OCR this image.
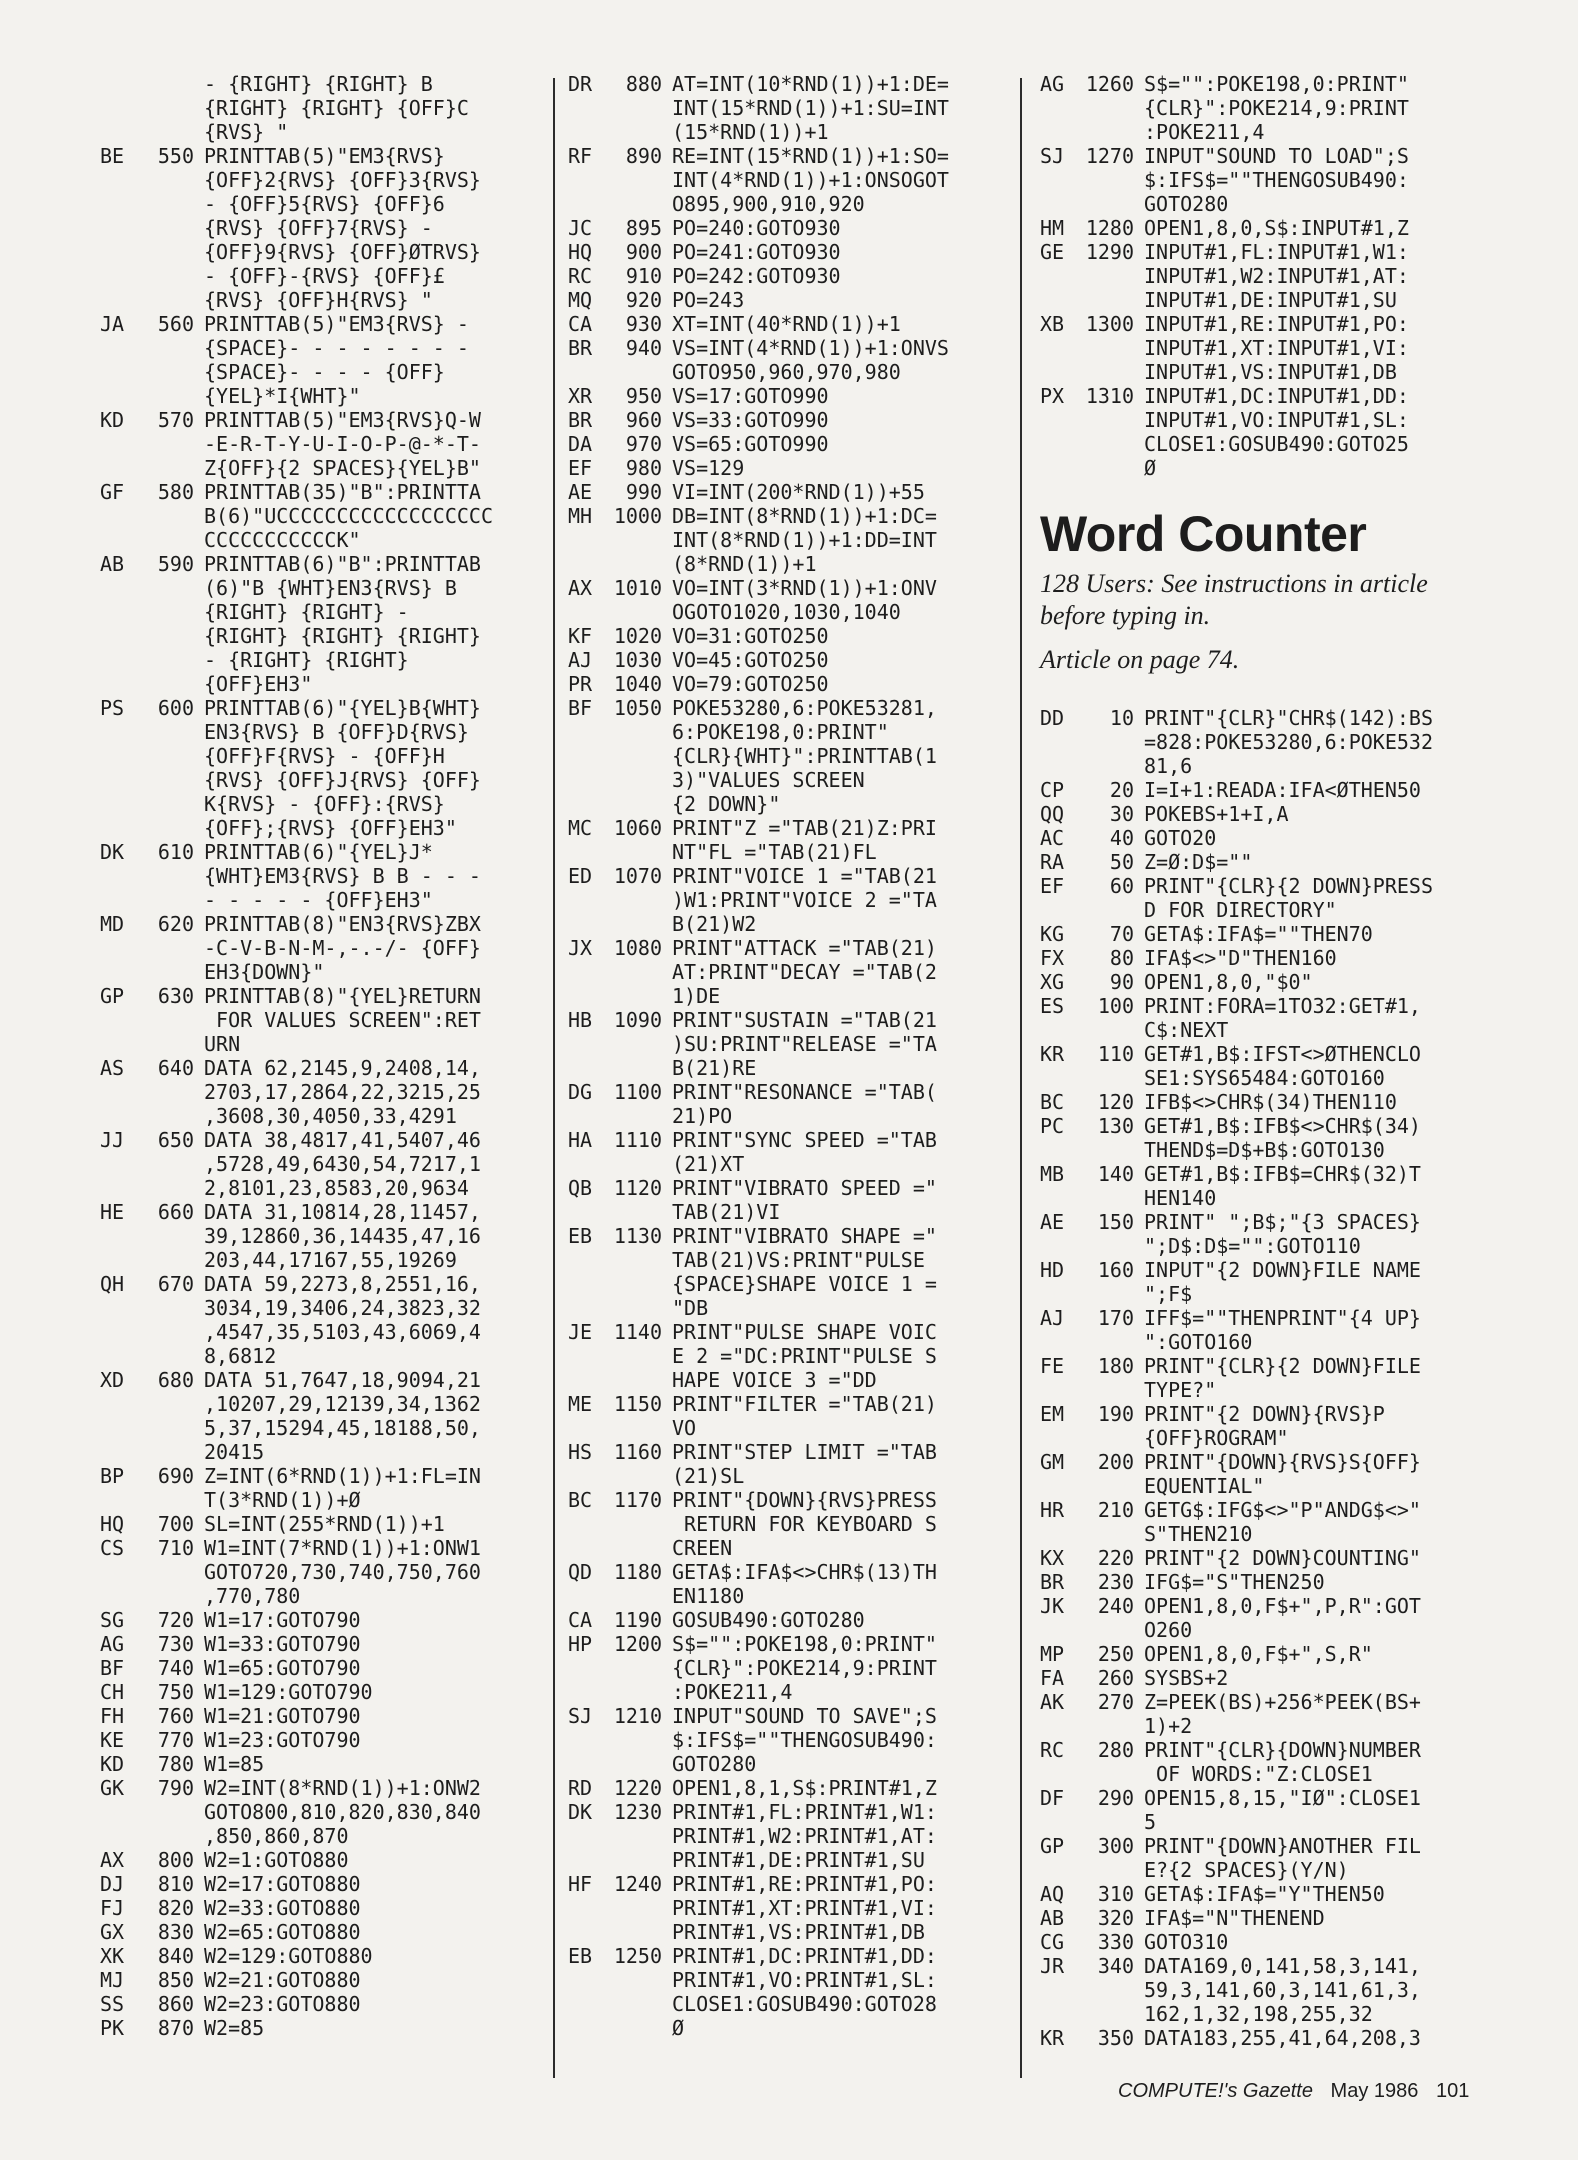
- {RIGHT} {RIGHT} B
{RIGHT} {RIGHT} {OFF}C
{RVS} "
BE	550 PRINTTAB(5)"EM3{RVS}
{OFF}2{RVS} {OFF}3{RVS}
- {OFF}5{RVS} {OFF}6
{RVS} {OFF}7{RVS} -
{OFF}9{RVS} {OFF}ØTRVS}
- {OFF}-{RVS} {OFF}£
{RVS} {OFF}H{RVS} "
JA	560 PRINTTAB(5)"EM3{RVS} -
{SPACE}- - - - - - - -
{SPACE}- - - - {OFF}
{YEL}*I{WHT}"
KD	570 PRINTTAB(5)"EM3{RVS}Q-W
-E-R-T-Y-U-I-O-P-@-*-T-
Z{OFF}{2 SPACES}{YEL}B"
GF	580 PRINTTAB(35)"B":PRINTTA
B(6)"UCCCCCCCCCCCCCCCCCC
CCCCCCCCCCCK"
AB	590 PRINTTAB(6)"B":PRINTTAB
(6)"B {WHT}EN3{RVS} B
{RIGHT} {RIGHT} -
{RIGHT} {RIGHT} {RIGHT}
- {RIGHT} {RIGHT}
{OFF}EH3"
PS	600 PRINTTAB(6)"{YEL}B{WHT}
EN3{RVS} B {OFF}D{RVS}
{OFF}F{RVS} - {OFF}H
{RVS} {OFF}J{RVS} {OFF}
K{RVS} - {OFF}:{RVS}
{OFF};{RVS} {OFF}EH3"
DK	610 PRINTTAB(6)"{YEL}J*
{WHT}EM3{RVS} B B - - -
- - - - - {OFF}EH3"
MD	620 PRINTTAB(8)"EN3{RVS}ZBX
-C-V-B-N-M-,-.-/- {OFF}
EH3{DOWN}"
GP	630 PRINTTAB(8)"{YEL}RETURN
FOR VALUES SCREEN":RET
URN
AS	640 DATA 62,2145,9,2408,14,
2703,17,2864,22,3215,25
,3608,30,4050,33,4291
JJ	650 DATA 38,4817,41,5407,46
,5728,49,6430,54,7217,1
2,8101,23,8583,20,9634
HE	660 DATA 31,10814,28,11457,
39,12860,36,14435,47,16
203,44,17167,55,19269
QH	670 DATA 59,2273,8,2551,16,
3034,19,3406,24,3823,32
,4547,35,5103,43,6069,4
8,6812
XD	680 DATA 51,7647,18,9094,21
,10207,29,12139,34,1362
5,37,15294,45,18188,50,
20415
BP	690 Z=INT(6*RND(1))+1:FL=IN
T(3*RND(1))+Ø
HQ	700 SL=INT(255*RND(1))+1
CS	710 W1=INT(7*RND(1))+1:ONW1
GOTO720,730,740,750,760
,770,780
SG	720 W1=17:GOTO790
AG	730 W1=33:GOTO790
BF	740 W1=65:GOTO790
CH	750 W1=129:GOTO790
FH	760 W1=21:GOTO790
KE	770 W1=23:GOTO790
KD	780 W1=85
GK	790 W2=INT(8*RND(1))+1:ONW2
GOTO800,810,820,830,840
,850,860,870
AX	800 W2=1:GOTO880
DJ	810 W2=17:GOTO880
FJ	820 W2=33:GOTO880
GX	830 W2=65:GOTO880
XK	840 W2=129:GOTO880
MJ	850 W2=21:GOTO880
SS	860 W2=23:GOTO880
PK	870 W2=85
DR	880 AT=INT(10*RND(1))+1:DE=
INT(15*RND(1))+1:SU=INT
(15*RND(1))+1
RF	890 RE=INT(15*RND(1))+1:SO=
INT(4*RND(1))+1:ONSOGOT
O895,900,910,920
JC	895 PO=240:GOTO930
HQ	900 PO=241:GOTO930
RC	910 PO=242:GOTO930
MQ	920 PO=243
CA	930 XT=INT(40*RND(1))+1
BR	940 VS=INT(4*RND(1))+1:ONVS
GOTO950,960,970,980
XR	950 VS=17:GOTO990
BR	960 VS=33:GOTO990
DA	970 VS=65:GOTO990
EF	980 VS=129
AE	990 VI=INT(200*RND(1))+55
MH	1000 DB=INT(8*RND(1))+1:DC=
INT(8*RND(1))+1:DD=INT
(8*RND(1))+1
AX	1010 VO=INT(3*RND(1))+1:ONV
OGOTO1020,1030,1040
KF	1020 VO=31:GOTO250
AJ	1030 VO=45:GOTO250
PR	1040 VO=79:GOTO250
BF	1050 POKE53280,6:POKE53281,
6:POKE198,0:PRINT"
{CLR}{WHT}":PRINTTAB(1
3)"VALUES SCREEN
{2 DOWN}"
MC	1060 PRINT"Z ="TAB(21)Z:PRI
NT"FL ="TAB(21)FL
ED	1070 PRINT"VOICE 1 ="TAB(21
)W1:PRINT"VOICE 2 ="TA
B(21)W2
JX	1080 PRINT"ATTACK ="TAB(21)
AT:PRINT"DECAY ="TAB(2
1)DE
HB	1090 PRINT"SUSTAIN ="TAB(21
)SU:PRINT"RELEASE ="TA
B(21)RE
DG	1100 PRINT"RESONANCE ="TAB(
21)PO
HA	1110 PRINT"SYNC SPEED ="TAB
(21)XT
QB	1120 PRINT"VIBRATO SPEED ="
TAB(21)VI
EB	1130 PRINT"VIBRATO SHAPE ="
TAB(21)VS:PRINT"PULSE
{SPACE}SHAPE VOICE 1 =
"DB
JE	1140 PRINT"PULSE SHAPE VOIC
E 2 ="DC:PRINT"PULSE S
HAPE VOICE 3 ="DD
ME	1150 PRINT"FILTER ="TAB(21)
VO
HS	1160 PRINT"STEP LIMIT ="TAB
(21)SL
BC	1170 PRINT"{DOWN}{RVS}PRESS
RETURN FOR KEYBOARD S
CREEN
QD	1180 GETA$:IFA$<>CHR$(13)TH
EN1180
CA	1190 GOSUB490:GOTO280
HP	1200 S$="":POKE198,0:PRINT"
{CLR}":POKE214,9:PRINT
:POKE211,4
SJ	1210 INPUT"SOUND TO SAVE";S
$:IFS$=""THENGOSUB490:
GOTO280
RD	1220 OPEN1,8,1,S$:PRINT#1,Z
DK	1230 PRINT#1,FL:PRINT#1,W1:
PRINT#1,W2:PRINT#1,AT:
PRINT#1,DE:PRINT#1,SU
HF	1240 PRINT#1,RE:PRINT#1,PO:
PRINT#1,XT:PRINT#1,VI:
PRINT#1,VS:PRINT#1,DB
EB	1250 PRINT#1,DC:PRINT#1,DD:
PRINT#1,VO:PRINT#1,SL:
CLOSE1:GOSUB490:GOTO28
Ø
AG	1260 S$="":POKE198,0:PRINT"
{CLR}":POKE214,9:PRINT
:POKE211,4
SJ	1270 INPUT"SOUND TO LOAD";S
$:IFS$=""THENGOSUB490:
GOTO280
HM	1280 OPEN1,8,0,S$:INPUT#1,Z
GE	1290 INPUT#1,FL:INPUT#1,W1:
INPUT#1,W2:INPUT#1,AT:
INPUT#1,DE:INPUT#1,SU
XB	1300 INPUT#1,RE:INPUT#1,PO:
INPUT#1,XT:INPUT#1,VI:
INPUT#1,VS:INPUT#1,DB
PX	1310 INPUT#1,DC:INPUT#1,DD:
INPUT#1,VO:INPUT#1,SL:
CLOSE1:GOSUB490:GOTO25
Ø
Word Counter

128 Users: See instructions in article before typing in.

Article on page 74.

DD	10 PRINT"{CLR}"CHR$(142):BS
=828:POKE53280,6:POKE532
81,6
CP	20 I=I+1:READA:IFA<ØTHEN50
QQ	30 POKEBS+1+I,A
AC	40 GOTO20
RA	50 Z=Ø:D$=""
EF	60 PRINT"{CLR}{2 DOWN}PRESS
D FOR DIRECTORY"
KG	70 GETA$:IFA$=""THEN70
FX	80 IFA$<>"D"THEN160
XG	90 OPEN1,8,0,"$0"
ES	100 PRINT:FORA=1TO32:GET#1,
C$:NEXT
KR	110 GET#1,B$:IFST<>ØTHENCLO
SE1:SYS65484:GOTO160
BC	120 IFB$<>CHR$(34)THEN110
PC	130 GET#1,B$:IFB$<>CHR$(34)
THEND$=D$+B$:GOTO130
MB	140 GET#1,B$:IFB$=CHR$(32)T
HEN140
AE	150 PRINT" ";B$;"{3 SPACES}
";D$:D$="":GOTO110
HD	160 INPUT"{2 DOWN}FILE NAME
";F$
AJ	170 IFF$=""THENPRINT"{4 UP}
":GOTO160
FE	180 PRINT"{CLR}{2 DOWN}FILE
TYPE?"
EM	190 PRINT"{2 DOWN}{RVS}P
{OFF}ROGRAM"
GM	200 PRINT"{DOWN}{RVS}S{OFF}
EQUENTIAL"
HR	210 GETG$:IFG$<>"P"ANDG$<>"
S"THEN210
KX	220 PRINT"{2 DOWN}COUNTING"
BR	230 IFG$="S"THEN250
JK	240 OPEN1,8,0,F$+",P,R":GOT
O260
MP	250 OPEN1,8,0,F$+",S,R"
FA	260 SYSBS+2
AK	270 Z=PEEK(BS)+256*PEEK(BS+
1)+2
RC	280 PRINT"{CLR}{DOWN}NUMBER
OF WORDS:"Z:CLOSE1
DF	290 OPEN15,8,15,"IØ":CLOSE1
5
GP	300 PRINT"{DOWN}ANOTHER FIL
E?{2 SPACES}(Y/N)
AQ	310 GETA$:IFA$="Y"THEN50
AB	320 IFA$="N"THENEND
CG	330 GOTO310
JR	340 DATA169,0,141,58,3,141,
59,3,141,60,3,141,61,3,
162,1,32,198,255,32
KR	350 DATA183,255,41,64,208,3
COMPUTE!'s Gazette May 1986 101
